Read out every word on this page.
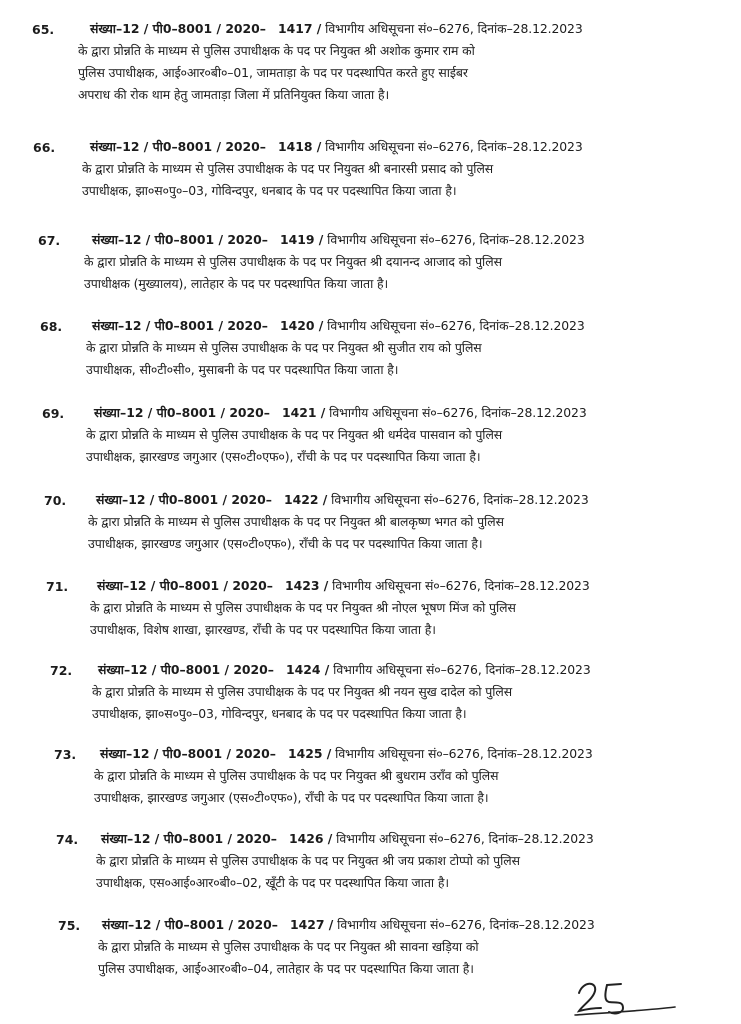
65.	संख्या–12 / पी0–8001 / 2020– 1417 / विभागीय अधिसूचना सं०–6276, दिनांक–28.12.2023
के द्वारा प्रोन्नति के माध्यम से पुलिस उपाधीक्षक के पद पर नियुक्त श्री अशोक कुमार राम को
पुलिस उपाधीक्षक, आई०आर०बी०–01, जामताड़ा के पद पर पदस्थापित करते हुए साईबर
अपराध की रोक थाम हेतु जामताड़ा जिला में प्रतिनियुक्त किया जाता है।
66.	संख्या–12 / पी0–8001 / 2020– 1418 / विभागीय अधिसूचना सं०–6276, दिनांक–28.12.2023
के द्वारा प्रोन्नति के माध्यम से पुलिस उपाधीक्षक के पद पर नियुक्त श्री बनारसी प्रसाद को पुलिस
उपाधीक्षक, झा०स०पु०–03, गोविन्दपुर, धनबाद के पद पर पदस्थापित किया जाता है।
67.	संख्या–12 / पी0–8001 / 2020– 1419 / विभागीय अधिसूचना सं०–6276, दिनांक–28.12.2023
के द्वारा प्रोन्नति के माध्यम से पुलिस उपाधीक्षक के पद पर नियुक्त श्री दयानन्द आजाद को पुलिस
उपाधीक्षक (मुख्यालय), लातेहार के पद पर पदस्थापित किया जाता है।
68. संख्या–12 / पी0–8001 / 2020– 1420 / विभागीय अधिसूचना सं०–6276, दिनांक–28.12.2023
के द्वारा प्रोन्नति के माध्यम से पुलिस उपाधीक्षक के पद पर नियुक्त श्री सुजीत राय को पुलिस
उपाधीक्षक, सी०टी०सी०, मुसाबनी के पद पर पदस्थापित किया जाता है।
69. संख्या–12 / पी0–8001 / 2020– 1421 / विभागीय अधिसूचना सं०–6276, दिनांक–28.12.2023
के द्वारा प्रोन्नति के माध्यम से पुलिस उपाधीक्षक के पद पर नियुक्त श्री धर्मदेव पासवान को पुलिस
उपाधीक्षक, झारखण्ड जगुआर (एस०टी०एफ०), राँची के पद पर पदस्थापित किया जाता है।
70. संख्या–12 / पी0–8001 / 2020– 1422 / विभागीय अधिसूचना सं०–6276, दिनांक–28.12.2023
के द्वारा प्रोन्नति के माध्यम से पुलिस उपाधीक्षक के पद पर नियुक्त श्री बालकृष्ण भगत को पुलिस
उपाधीक्षक, झारखण्ड जगुआर (एस०टी०एफ०), राँची के पद पर पदस्थापित किया जाता है।
71. संख्या–12 / पी0–8001 / 2020– 1423 / विभागीय अधिसूचना सं०–6276, दिनांक–28.12.2023
के द्वारा प्रोन्नति के माध्यम से पुलिस उपाधीक्षक के पद पर नियुक्त श्री नोएल भूषण मिंज को पुलिस
उपाधीक्षक, विशेष शाखा, झारखण्ड, राँची के पद पर पदस्थापित किया जाता है।
72. संख्या–12 / पी0–8001 / 2020– 1424 / विभागीय अधिसूचना सं०–6276, दिनांक–28.12.2023
के द्वारा प्रोन्नति के माध्यम से पुलिस उपाधीक्षक के पद पर नियुक्त श्री नयन सुख दादेल को पुलिस
उपाधीक्षक, झा०स०पु०–03, गोविन्दपुर, धनबाद के पद पर पदस्थापित किया जाता है।
73. संख्या–12 / पी0–8001 / 2020– 1425 / विभागीय अधिसूचना सं०–6276, दिनांक–28.12.2023
के द्वारा प्रोन्नति के माध्यम से पुलिस उपाधीक्षक के पद पर नियुक्त श्री बुधराम उराँव को पुलिस
उपाधीक्षक, झारखण्ड जगुआर (एस०टी०एफ०), राँची के पद पर पदस्थापित किया जाता है।
74. संख्या–12 / पी0–8001 / 2020– 1426 / विभागीय अधिसूचना सं०–6276, दिनांक–28.12.2023
के द्वारा प्रोन्नति के माध्यम से पुलिस उपाधीक्षक के पद पर नियुक्त श्री जय प्रकाश टोप्पो को पुलिस
उपाधीक्षक, एस०आई०आर०बी०–02, खूँटी के पद पर पदस्थापित किया जाता है।
75. संख्या–12 / पी0–8001 / 2020– 1427 / विभागीय अधिसूचना सं०–6276, दिनांक–28.12.2023
के द्वारा प्रोन्नति के माध्यम से पुलिस उपाधीक्षक के पद पर नियुक्त श्री सावना खड़िया को
पुलिस उपाधीक्षक, आई०आर०बी०–04, लातेहार के पद पर पदस्थापित किया जाता है।
